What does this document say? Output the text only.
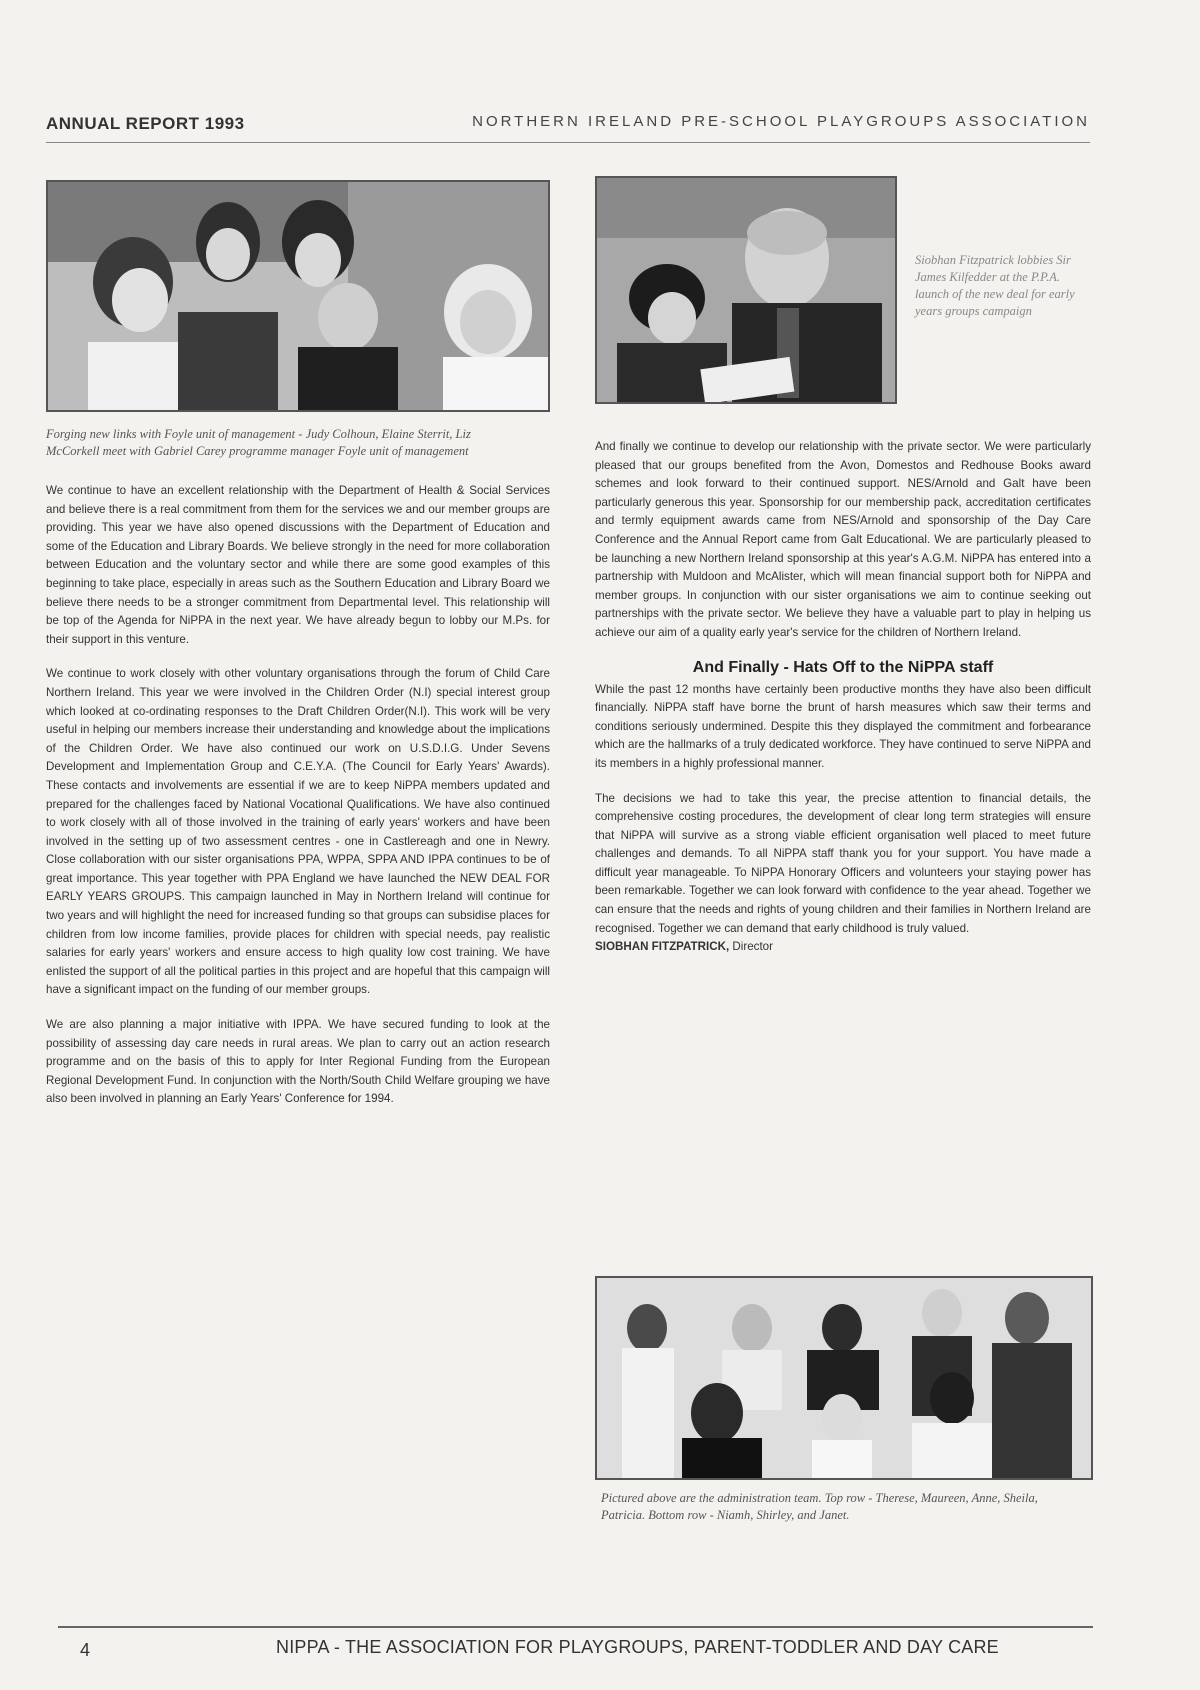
ANNUAL REPORT 1993	NORTHERN IRELAND PRE-SCHOOL PLAYGROUPS ASSOCIATION
Forging new links with Foyle unit of management - Judy Colhoun, Elaine Sterrit, Liz McCorkell meet with Gabriel Carey programme manager Foyle unit of management

We continue to have an excellent relationship with the Department of Health & Social Services and believe there is a real commitment from them for the services we and our member groups are providing. This year we have also opened discussions with the Department of Education and some of the Education and Library Boards. We believe strongly in the need for more collaboration between Education and the voluntary sector and while there are some good examples of this beginning to take place, especially in areas such as the Southern Education and Library Board we believe there needs to be a stronger commitment from Departmental level. This relationship will be top of the Agenda for NiPPA in the next year. We have already begun to lobby our M.Ps. for their support in this venture.

We continue to work closely with other voluntary organisations through the forum of Child Care Northern Ireland. This year we were involved in the Children Order (N.I) special interest group which looked at co-ordinating responses to the Draft Children Order(N.I). This work will be very useful in helping our members increase their understanding and knowledge about the implications of the Children Order. We have also continued our work on U.S.D.I.G. Under Sevens Development and Implementation Group and C.E.Y.A. (The Council for Early Years' Awards). These contacts and involvements are essential if we are to keep NiPPA members updated and prepared for the challenges faced by National Vocational Qualifications. We have also continued to work closely with all of those involved in the training of early years' workers and have been involved in the setting up of two assessment centres - one in Castlereagh and one in Newry. Close collaboration with our sister organisations PPA, WPPA, SPPA AND IPPA continues to be of great importance. This year together with PPA England we have launched the NEW DEAL FOR EARLY YEARS GROUPS. This campaign launched in May in Northern Ireland will continue for two years and will highlight the need for increased funding so that groups can subsidise places for children from low income families, provide places for children with special needs, pay realistic salaries for early years' workers and ensure access to high quality low cost training. We have enlisted the support of all the political parties in this project and are hopeful that this campaign will have a significant impact on the funding of our member groups.

We are also planning a major initiative with IPPA. We have secured funding to look at the possibility of assessing day care needs in rural areas. We plan to carry out an action research programme and on the basis of this to apply for Inter Regional Funding from the European Regional Development Fund. In conjunction with the North/South Child Welfare grouping we have also been involved in planning an Early Years' Conference for 1994.

Siobhan Fitzpatrick lobbies Sir James Kilfedder at the P.P.A. launch of the new deal for early years groups campaign

And finally we continue to develop our relationship with the private sector. We were particularly pleased that our groups benefited from the Avon, Domestos and Redhouse Books award schemes and look forward to their continued support. NES/Arnold and Galt have been particularly generous this year. Sponsorship for our membership pack, accreditation certificates and termly equipment awards came from NES/Arnold and sponsorship of the Day Care Conference and the Annual Report came from Galt Educational. We are particularly pleased to be launching a new Northern Ireland sponsorship at this year's A.G.M. NiPPA has entered into a partnership with Muldoon and McAlister, which will mean financial support both for NiPPA and member groups. In conjunction with our sister organisations we aim to continue seeking out partnerships with the private sector. We believe they have a valuable part to play in helping us achieve our aim of a quality early year's service for the children of Northern Ireland.

And Finally - Hats Off to the NiPPA staff

While the past 12 months have certainly been productive months they have also been difficult financially. NiPPA staff have borne the brunt of harsh measures which saw their terms and conditions seriously undermined. Despite this they displayed the commitment and forbearance which are the hallmarks of a truly dedicated workforce. They have continued to serve NiPPA and its members in a highly professional manner.

The decisions we had to take this year, the precise attention to financial details, the comprehensive costing procedures, the development of clear long term strategies will ensure that NiPPA will survive as a strong viable efficient organisation well placed to meet future challenges and demands. To all NiPPA staff thank you for your support. You have made a difficult year manageable. To NiPPA Honorary Officers and volunteers your staying power has been remarkable. Together we can look forward with confidence to the year ahead. Together we can ensure that the needs and rights of young children and their families in Northern Ireland are recognised. Together we can demand that early childhood is truly valued.

SIOBHAN FITZPATRICK, Director
Pictured above are the administration team. Top row - Therese, Maureen, Anne, Sheila, Patricia. Bottom row - Niamh, Shirley, and Janet.
4	NIPPA - THE ASSOCIATION FOR PLAYGROUPS, PARENT-TODDLER AND DAY CARE
